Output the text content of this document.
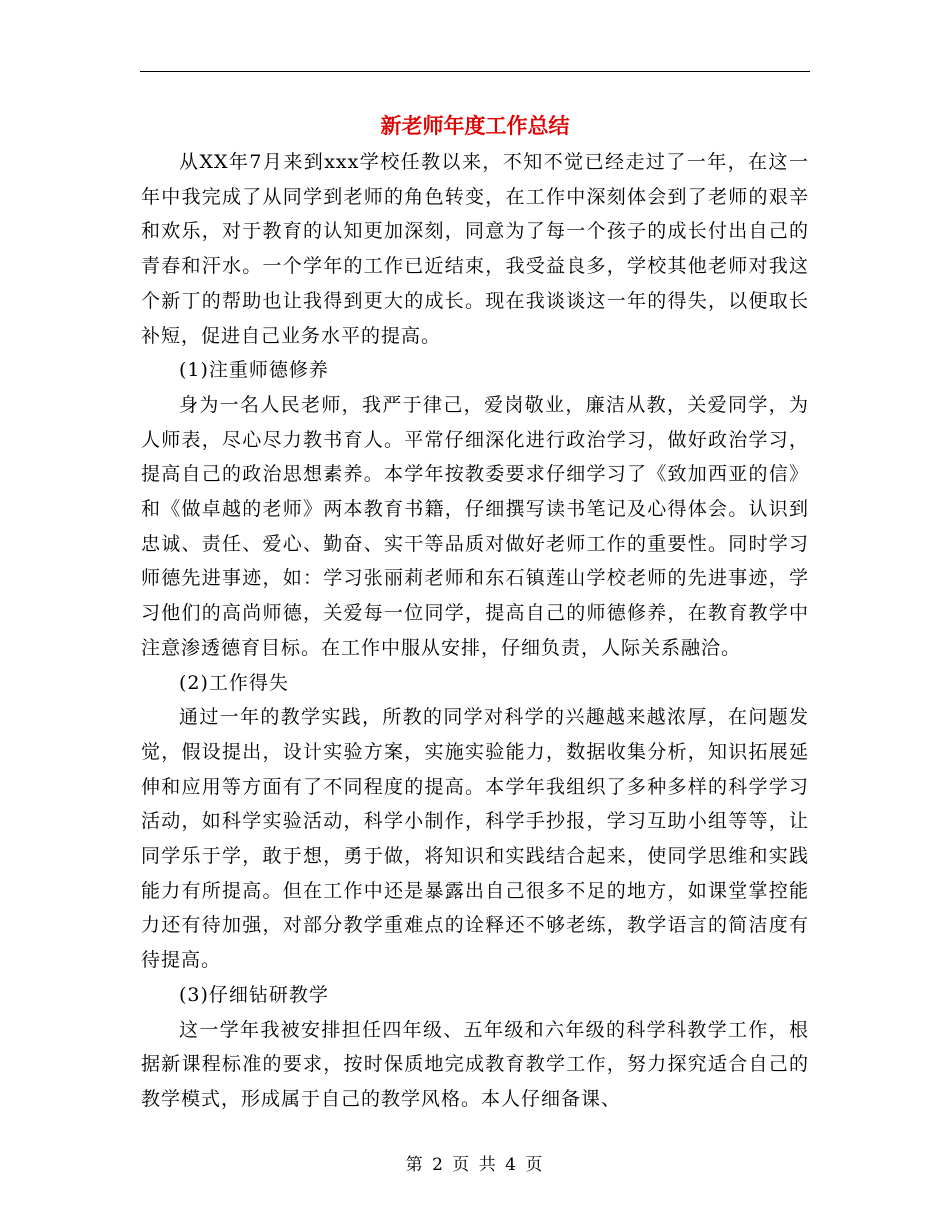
新老师年度工作总结

从XX年7月来到xxx学校任教以来，不知不觉已经走过了一年，在这一年中我完成了从同学到老师的角色转变，在工作中深刻体会到了老师的艰辛和欢乐，对于教育的认知更加深刻，同意为了每一个孩子的成长付出自己的青春和汗水。一个学年的工作已近结束，我受益良多，学校其他老师对我这个新丁的帮助也让我得到更大的成长。现在我谈谈这一年的得失，以便取长补短，促进自己业务水平的提高。

(1)注重师德修养

身为一名人民老师，我严于律己，爱岗敬业，廉洁从教，关爱同学，为人师表，尽心尽力教书育人。平常仔细深化进行政治学习，做好政治学习，提高自己的政治思想素养。本学年按教委要求仔细学习了《致加西亚的信》和《做卓越的老师》两本教育书籍，仔细撰写读书笔记及心得体会。认识到忠诚、责任、爱心、勤奋、实干等品质对做好老师工作的重要性。同时学习师德先进事迹，如：学习张丽莉老师和东石镇莲山学校老师的先进事迹，学习他们的高尚师德，关爱每一位同学，提高自己的师德修养，在教育教学中注意渗透德育目标。在工作中服从安排，仔细负责，人际关系融洽。

(2)工作得失

通过一年的教学实践，所教的同学对科学的兴趣越来越浓厚，在问题发觉，假设提出，设计实验方案，实施实验能力，数据收集分析，知识拓展延伸和应用等方面有了不同程度的提高。本学年我组织了多种多样的科学学习活动，如科学实验活动，科学小制作，科学手抄报，学习互助小组等等，让同学乐于学，敢于想，勇于做，将知识和实践结合起来，使同学思维和实践能力有所提高。但在工作中还是暴露出自己很多不足的地方，如课堂掌控能力还有待加强，对部分教学重难点的诠释还不够老练，教学语言的简洁度有待提高。

(3)仔细钻研教学

这一学年我被安排担任四年级、五年级和六年级的科学科教学工作，根据新课程标准的要求，按时保质地完成教育教学工作，努力探究适合自己的教学模式，形成属于自己的教学风格。本人仔细备课、

第 2 页 共 4 页
